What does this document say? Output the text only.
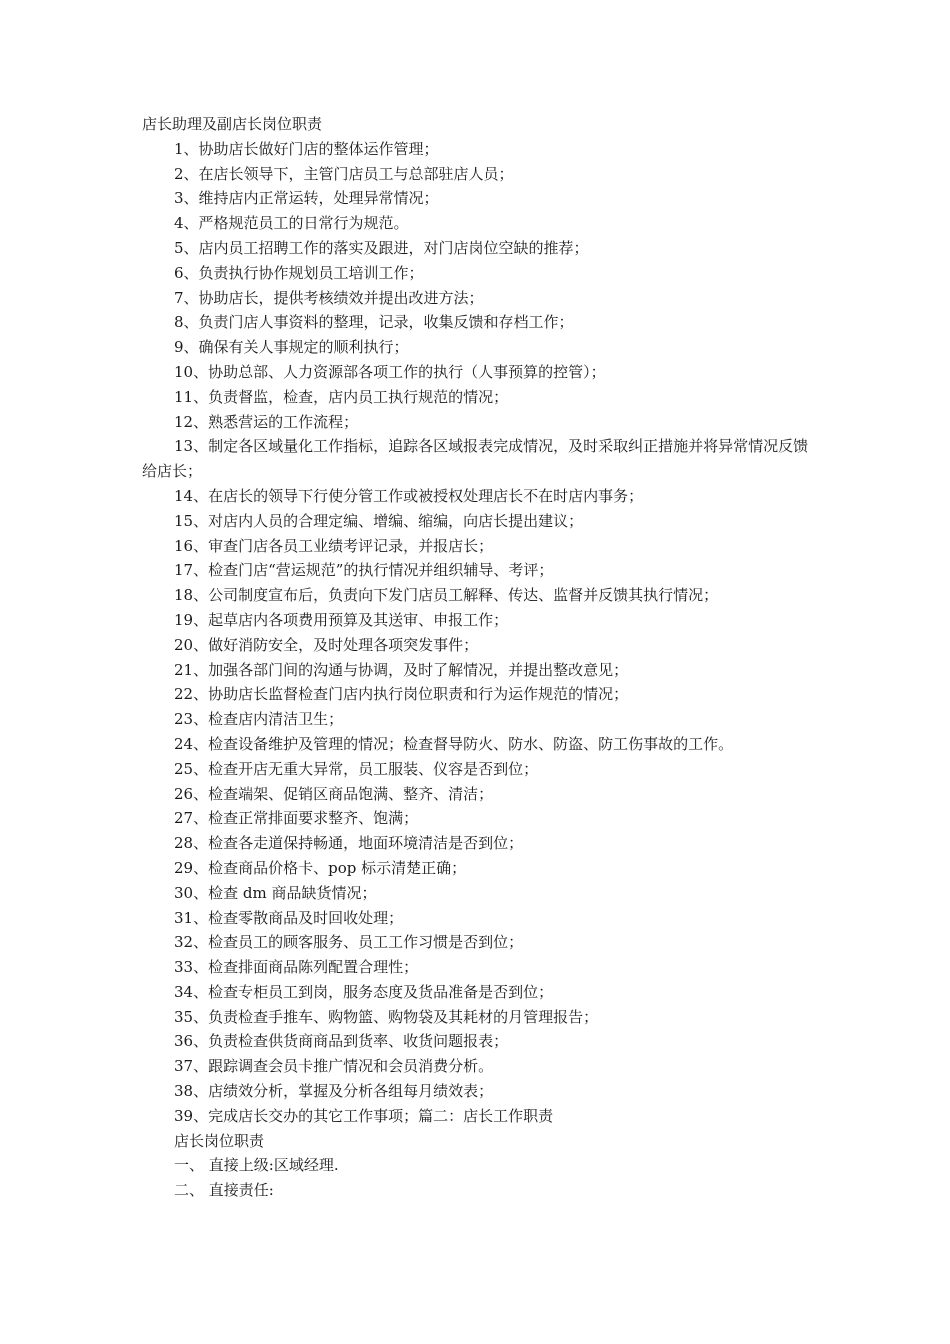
店长助理及副店长岗位职责
1、协助店长做好门店的整体运作管理；
2、在店长领导下，主管门店员工与总部驻店人员；
3、维持店内正常运转，处理异常情况；
4、严格规范员工的日常行为规范。
5、店内员工招聘工作的落实及跟进，对门店岗位空缺的推荐；
6、负责执行协作规划员工培训工作；
7、协助店长，提供考核绩效并提出改进方法；
8、负责门店人事资料的整理，记录，收集反馈和存档工作；
9、确保有关人事规定的顺利执行；
10、协助总部、人力资源部各项工作的执行（人事预算的控管）；
11、负责督监，检查，店内员工执行规范的情况；
12、熟悉营运的工作流程；
13、制定各区域量化工作指标，追踪各区域报表完成情况，及时采取纠正措施并将异常情况反馈给店长；
14、在店长的领导下行使分管工作或被授权处理店长不在时店内事务；
15、对店内人员的合理定编、增编、缩编，向店长提出建议；
16、审查门店各员工业绩考评记录，并报店长；
17、检查门店“营运规范”的执行情况并组织辅导、考评；
18、公司制度宣布后，负责向下发门店员工解释、传达、监督并反馈其执行情况；
19、起草店内各项费用预算及其送审、申报工作；
20、做好消防安全，及时处理各项突发事件；
21、加强各部门间的沟通与协调，及时了解情况，并提出整改意见；
22、协助店长监督检查门店内执行岗位职责和行为运作规范的情况；
23、检查店内清洁卫生；
24、检查设备维护及管理的情况；检查督导防火、防水、防盗、防工伤事故的工作。
25、检查开店无重大异常，员工服装、仪容是否到位；
26、检查端架、促销区商品饱满、整齐、清洁；
27、检查正常排面要求整齐、饱满；
28、检查各走道保持畅通，地面环境清洁是否到位；
29、检查商品价格卡、pop 标示清楚正确；
30、检查 dm 商品缺货情况；
31、检查零散商品及时回收处理；
32、检查员工的顾客服务、员工工作习惯是否到位；
33、检查排面商品陈列配置合理性；
34、检查专柜员工到岗，服务态度及货品准备是否到位；
35、负责检查手推车、购物篮、购物袋及其耗材的月管理报告；
36、负责检查供货商商品到货率、收货问题报表；
37、跟踪调查会员卡推广情况和会员消费分析。
38、店绩效分析，掌握及分析各组每月绩效表；
39、完成店长交办的其它工作事项；篇二：店长工作职责
店长岗位职责
一、 直接上级:区域经理.
二、 直接责任:
